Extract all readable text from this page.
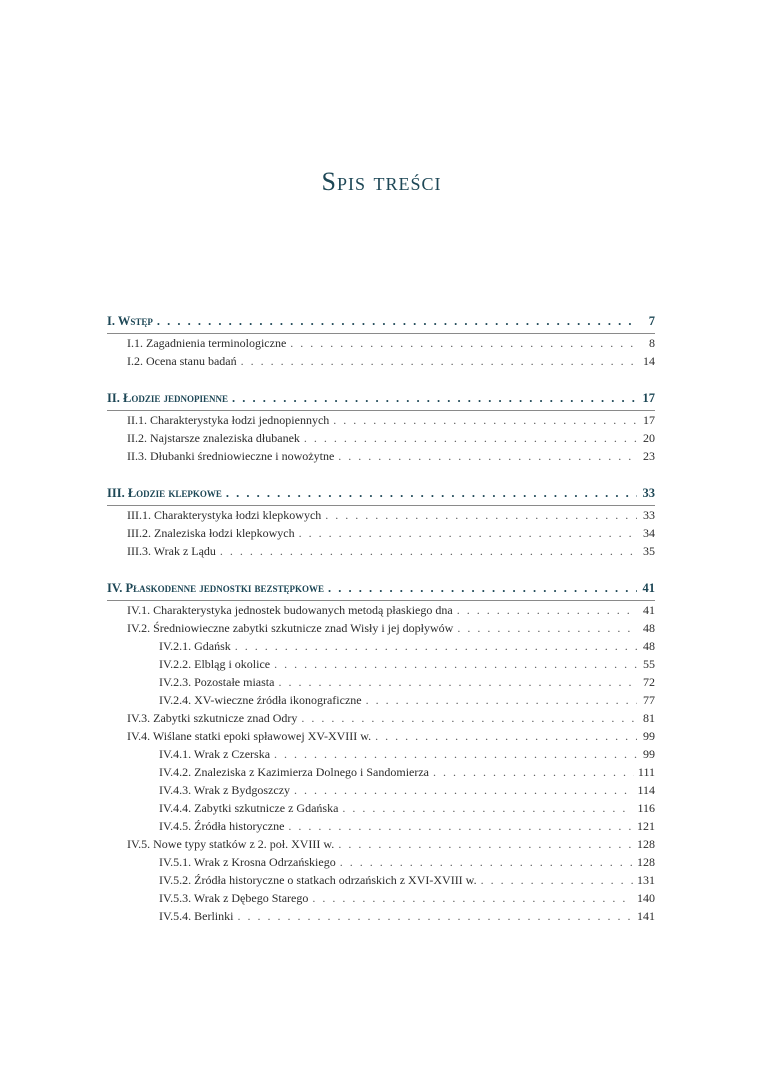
Spis treści
I. Wstęp . . .	7
I.1. Zagadnienia terminologiczne . . .	8
I.2. Ocena stanu badań . . .	14
II. Łodzie jednopienne . . .	17
II.1. Charakterystyka łodzi jednopiennych . . .	17
II.2. Najstarsze znaleziska dłubanek . . .	20
II.3. Dłubanki średniowieczne i nowożytne . . .	23
III. Łodzie klepkowe . . .	33
III.1. Charakterystyka łodzi klepkowych . . .	33
III.2. Znaleziska łodzi klepkowych . . .	34
III.3. Wrak z Lądu . . .	35
IV. Płaskodenne jednostki bezstępkowe . . .	41
IV.1. Charakterystyka jednostek budowanych metodą płaskiego dna . . .	41
IV.2. Średniowieczne zabytki szkutnicze znad Wisły i jej dopływów . . .	48
IV.2.1. Gdańsk . . .	48
IV.2.2. Elbląg i okolice . . .	55
IV.2.3. Pozostałe miasta . . .	72
IV.2.4. XV-wieczne źródła ikonograficzne . . .	77
IV.3. Zabytki szkutnicze znad Odry . . .	81
IV.4. Wiślane statki epoki spławowej XV-XVIII w. . . .	99
IV.4.1. Wrak z Czerska . . .	99
IV.4.2. Znaleziska z Kazimierza Dolnego i Sandomierza . . .	111
IV.4.3. Wrak z Bydgoszczy . . .	114
IV.4.4. Zabytki szkutnicze z Gdańska . . .	116
IV.4.5. Źródła historyczne . . .	121
IV.5. Nowe typy statków z 2. poł. XVIII w. . . .	128
IV.5.1. Wrak z Krosna Odrzańskiego . . .	128
IV.5.2. Źródła historyczne o statkach odrzańskich z XVI-XVIII w. . . .	131
IV.5.3. Wrak z Dębego Starego . . .	140
IV.5.4. Berlinki . . .	141
